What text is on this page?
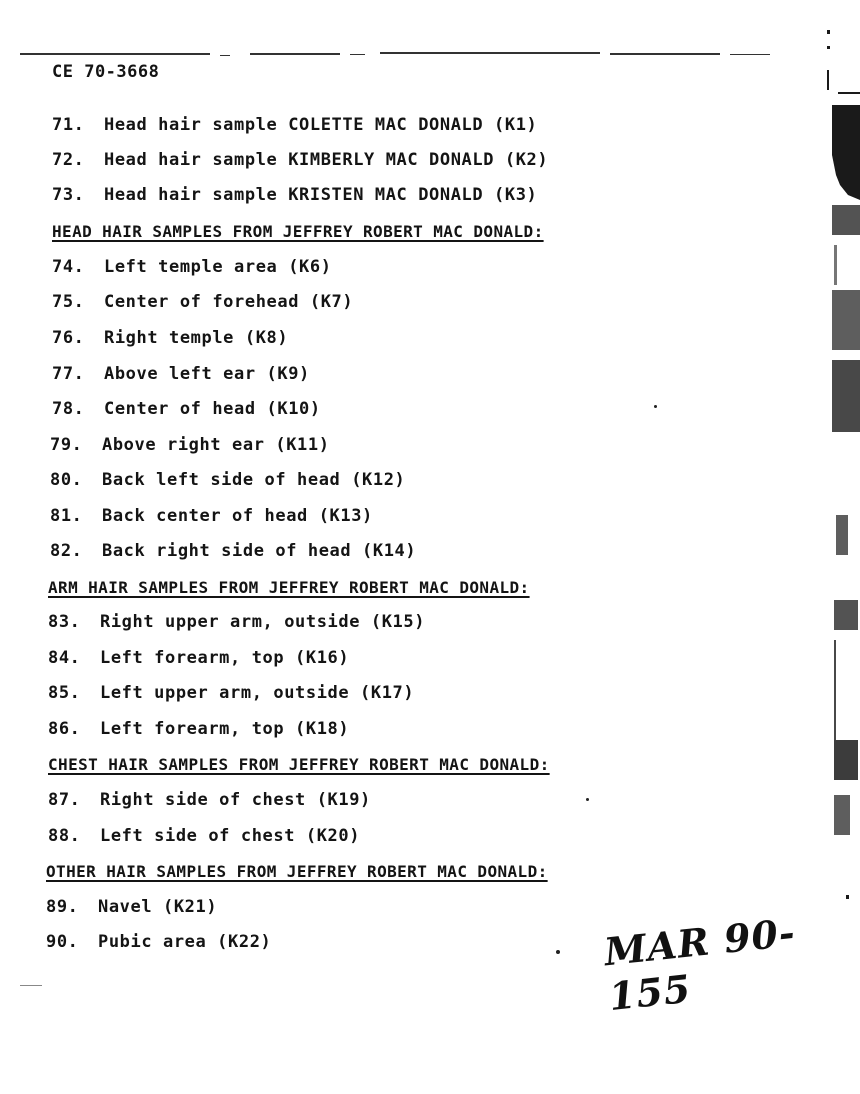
CE 70-3668
71. Head hair sample COLETTE MAC DONALD (K1)
72. Head hair sample KIMBERLY MAC DONALD (K2)
73. Head hair sample KRISTEN MAC DONALD (K3)
HEAD HAIR SAMPLES FROM JEFFREY ROBERT MAC DONALD:
74. Left temple area (K6)
75. Center of forehead (K7)
76. Right temple (K8)
77. Above left ear (K9)
78. Center of head (K10)
79. Above right ear (K11)
80. Back left side of head (K12)
81. Back center of head (K13)
82. Back right side of head (K14)
ARM HAIR SAMPLES FROM JEFFREY ROBERT MAC DONALD:
83. Right upper arm, outside (K15)
84. Left forearm, top (K16)
85. Left upper arm, outside (K17)
86. Left forearm, top (K18)
CHEST HAIR SAMPLES FROM JEFFREY ROBERT MAC DONALD:
87. Right side of chest (K19)
88. Left side of chest (K20)
OTHER HAIR SAMPLES FROM JEFFREY ROBERT MAC DONALD:
89. Navel (K21)
90. Pubic area (K22)	MAR 90-155
